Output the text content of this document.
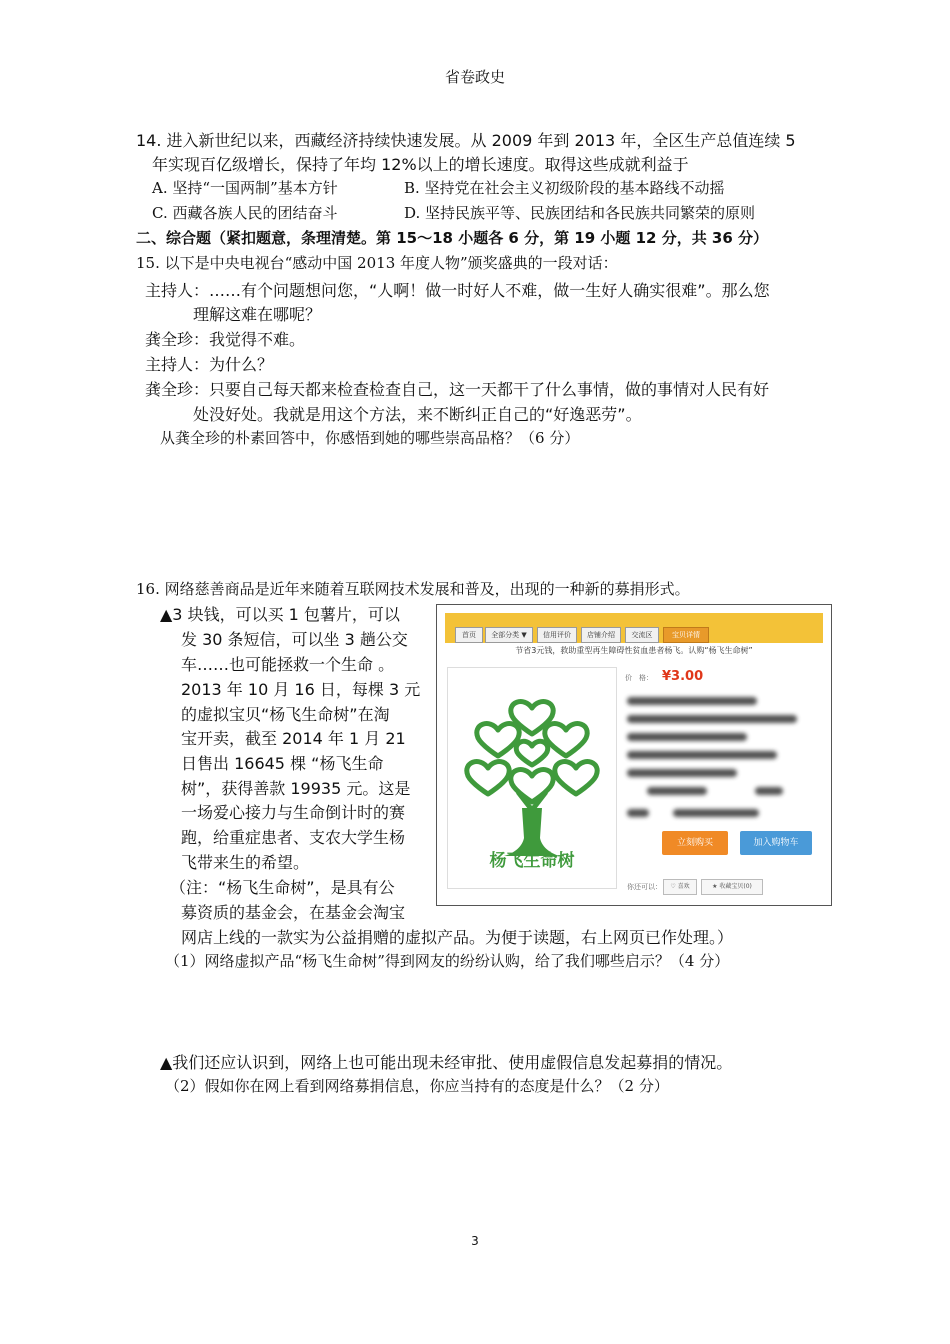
省卷政史
14. 进入新世纪以来，西藏经济持续快速发展。从 2009 年到 2013 年，全区生产总值连续 5
年实现百亿级增长，保持了年均 12%以上的增长速度。取得这些成就利益于
A. 坚持“一国两制”基本方针	B. 坚持党在社会主义初级阶段的基本路线不动摇
C. 西藏各族人民的团结奋斗	D. 坚持民族平等、民族团结和各民族共同繁荣的原则
二、综合题（紧扣题意，条理清楚。第 15～18 小题各 6 分，第 19 小题 12 分，共 36 分）
15. 以下是中央电视台“感动中国 2013 年度人物”颁奖盛典的一段对话：
主持人：……有个问题想问您，“人啊！做一时好人不难，做一生好人确实很难”。那么您
理解这难在哪呢？
龚全珍：我觉得不难。
主持人：为什么？
龚全珍：只要自己每天都来检查检查自己，这一天都干了什么事情，做的事情对人民有好
处没好处。我就是用这个方法，来不断纠正自己的“好逸恶劳”。
从龚全珍的朴素回答中，你感悟到她的哪些崇高品格？（6 分）
16. 网络慈善商品是近年来随着互联网技术发展和普及，出现的一种新的募捐形式。
▲3 块钱，可以买 1 包薯片，可以
发 30 条短信，可以坐 3 趟公交
车……也可能拯救一个生命 。
2013 年 10 月 16 日，每棵 3 元
的虚拟宝贝“杨飞生命树”在淘
宝开卖，截至 2014 年 1 月 21
日售出 16645 棵 “杨飞生命
树”，获得善款 19935 元。这是
一场爱心接力与生命倒计时的赛
跑，给重症患者、支农大学生杨
飞带来生的希望。
（注：“杨飞生命树”，是具有公
募资质的基金会，在基金会淘宝
网店上线的一款实为公益捐赠的虚拟产品。为便于读题，右上网页已作处理。）
（1）网络虚拟产品“杨飞生命树”得到网友的纷纷认购，给了我们哪些启示？（4 分）
▲我们还应认识到，网络上也可能出现未经审批、使用虚假信息发起募捐的情况。
（2）假如你在网上看到网络募捐信息，你应当持有的态度是什么？（2 分）
首页	全部分类 ▼	信用评价	店铺介绍	交流区	宝贝详情
节省3元钱，救助重型再生障碍性贫血患者杨飞。认购“杨飞生命树”
杨飞生命树
价　格： ¥3.00
立刻购买	加入购物车
你还可以：	♡ 喜欢	★ 收藏宝贝(0)
3
